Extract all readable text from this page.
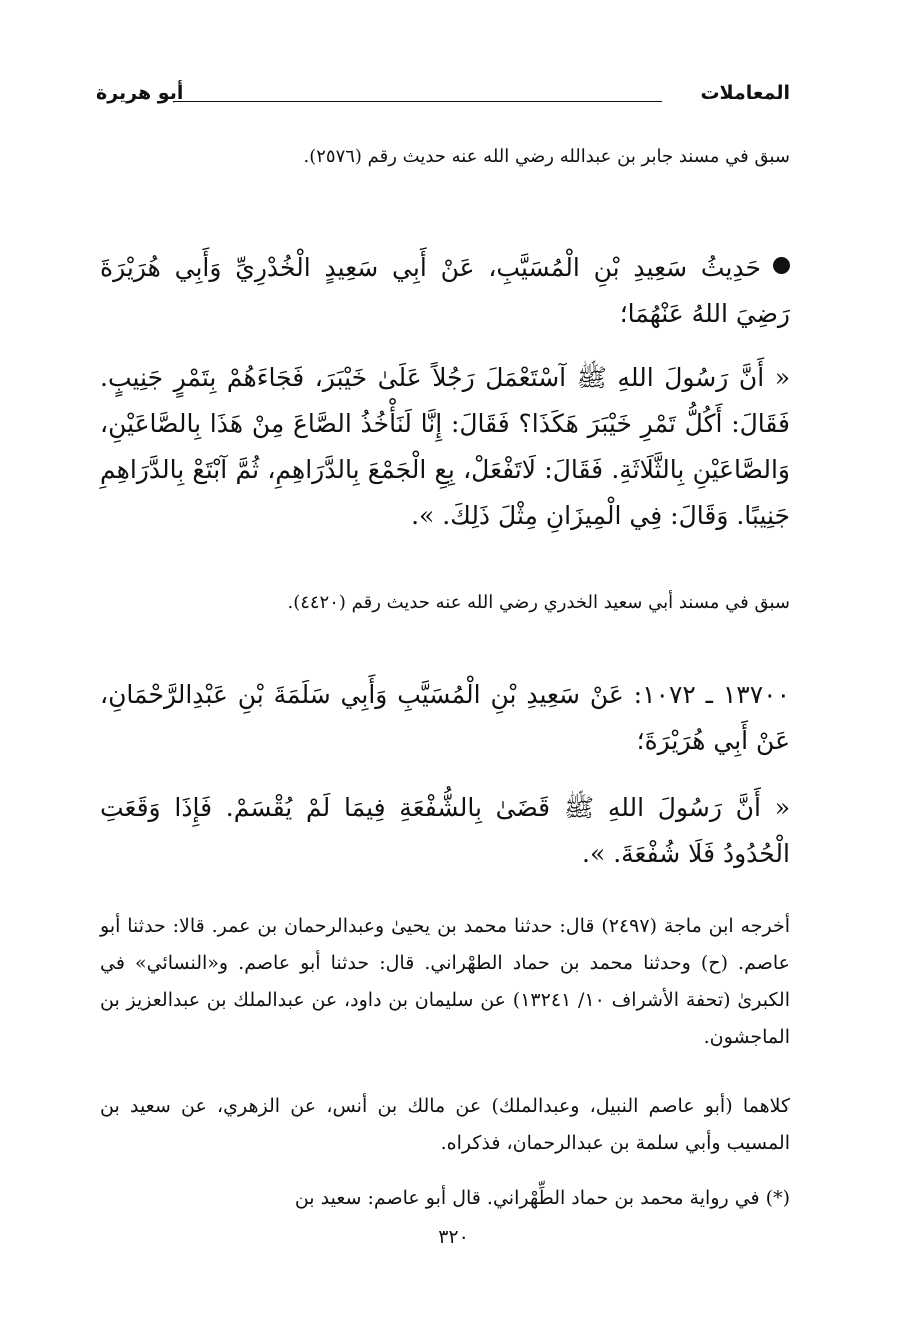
المعاملات
أبو هريرة
سبق في مسند جابر بن عبدالله رضي الله عنه حديث رقم (٢٥٧٦).
حَدِيثُ سَعِيدِ بْنِ الْمُسَيَّبِ، عَنْ أَبِي سَعِيدٍ الْخُدْرِيِّ وَأَبِي هُرَيْرَةَ رَضِيَ اللهُ عَنْهُمَا؛
« أَنَّ رَسُولَ اللهِ ﷺ آسْتَعْمَلَ رَجُلاً عَلَىٰ خَيْبَرَ، فَجَاءَهُمْ بِتَمْرٍ جَنِيبٍ. فَقَالَ: أَكُلُّ تَمْرِ خَيْبَرَ هَكَذَا؟ فَقَالَ: إِنَّا لَنَأْخُذُ الصَّاعَ مِنْ هَذَا بِالصَّاعَيْنِ، وَالصَّاعَيْنِ بِالثَّلَاثَةِ. فَقَالَ: لَاتَفْعَلْ، بِعِ الْجَمْعَ بِالدَّرَاهِمِ، ثُمَّ آبْتَعْ بِالدَّرَاهِمِ جَنِيبًا. وَقَالَ: فِي الْمِيزَانِ مِثْلَ ذَلِكَ. ».
سبق في مسند أبي سعيد الخدري رضي الله عنه حديث رقم (٤٤٢٠).
١٣٧٠٠ ـ ١٠٧٢: عَنْ سَعِيدِ بْنِ الْمُسَيَّبِ وَأَبِي سَلَمَةَ بْنِ عَبْدِالرَّحْمَانِ، عَنْ أَبِي هُرَيْرَةَ؛
« أَنَّ رَسُولَ اللهِ ﷺ قَضَىٰ بِالشُّفْعَةِ فِيمَا لَمْ يُقْسَمْ. فَإِذَا وَقَعَتِ الْحُدُودُ فَلَا شُفْعَةَ. ».
أخرجه ابن ماجة (٢٤٩٧) قال: حدثنا محمد بن يحيىٰ وعبدالرحمان بن عمر. قالا: حدثنا أبو عاصم. (ح) وحدثنا محمد بن حماد الطهْراني. قال: حدثنا أبو عاصم. و«النسائي» في الكبرىٰ (تحفة الأشراف ١٠/ ١٣٢٤١) عن سليمان بن داود، عن عبدالملك بن عبدالعزيز بن الماجشون.
كلاهما (أبو عاصم النبيل، وعبدالملك) عن مالك بن أنس، عن الزهري، عن سعيد بن المسيب وأبي سلمة بن عبدالرحمان، فذكراه.
(*) في رواية محمد بن حماد الطِّهْراني. قال أبو عاصم: سعيد بن
٣٢٠
